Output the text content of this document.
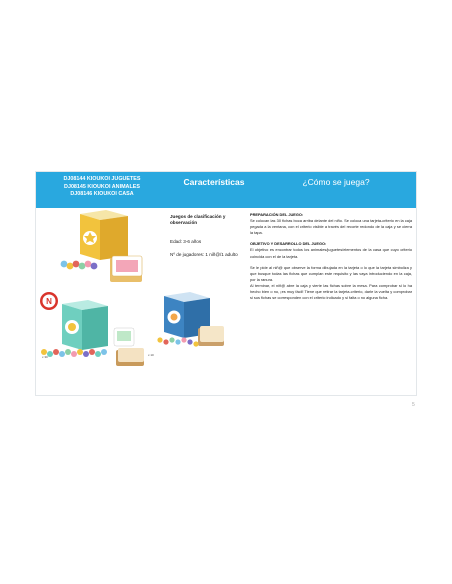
DJ08144 KIOUKOI JUGUETES
DJ08145 KIOUKOI ANIMALES
DJ08146 KIOUKOI CASA
Características	¿Cómo se juega?
N
x 30	x 10
Juegos de clasificación y observación
Edad: 3-6 años
Nº de jugadores: 1 niñ@/1 adulto
PREPARACIÓN DEL JUEGO:
Se colocan las 30 fichas boca arriba delante del niño. Se coloca una tarjeta-criterio en la caja pegada a la ventana, con el criterio visible a través del recorte redondo de la caja y se cierra la tapa.
OBJETIVO Y DESARROLLO DEL JUEGO:
El objetivo es encontrar todos los animales/juguetes/elementos de la casa que cuyo criterio coincida con el de la tarjeta.
Se le pide al niñ@ que observe la forma dibujada en la tarjeta o lo que la tarjeta simboliza y que busque todas las fichas que cumplan este requisito y las vaya introduciendo en la caja, por la ranura.
Al terminar, el niñ@ abre la caja y vierte las fichas sobre la mesa. Para comprobar si lo ha hecho bien o no, ¡es muy fácil! Tiene que retirar la tarjeta-criterio, darle la vuelta y comprobar si sus fichas se corresponden con el criterio indicado y si falta o no alguna ficha.
5
